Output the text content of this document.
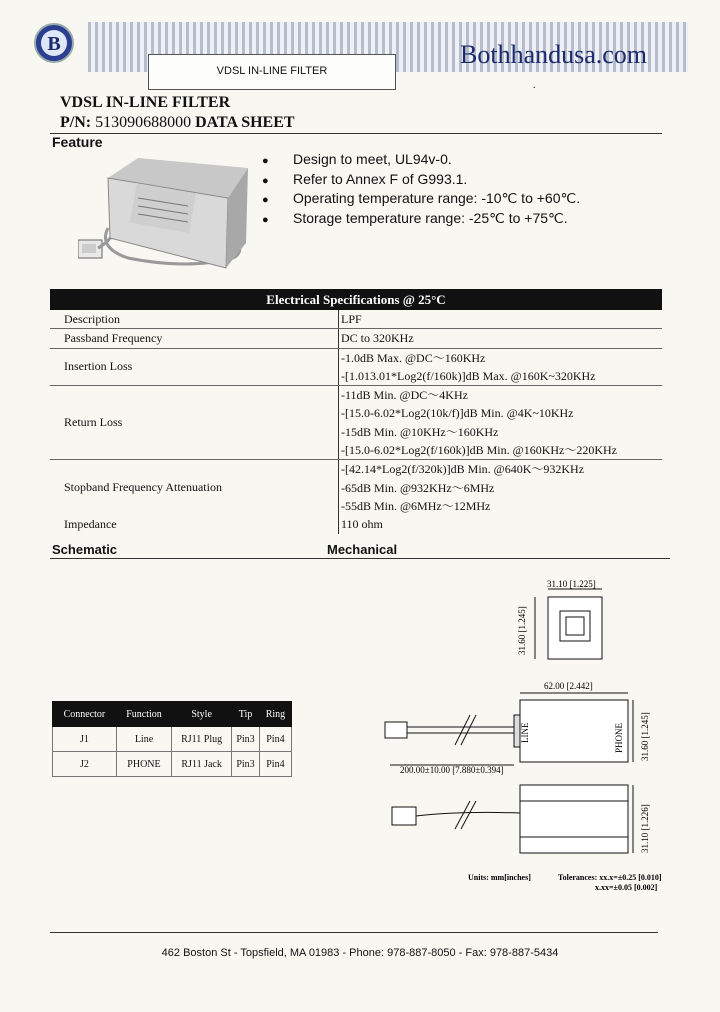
B	Bothhandusa.com
VDSL IN-LINE FILTER
.
VDSL IN-LINE FILTER
P/N: 513090688000 DATA SHEET
Feature
● Design to meet, UL94v-0.
● Refer to Annex F of G993.1.
● Operating temperature range: -10℃ to +60℃.
● Storage temperature range: -25℃ to +75℃.
Electrical Specifications @ 25°C	
Description	LPF

Passband Frequency	DC to 320KHz

Insertion Loss	-1.0dB Max. @DC～160KHz
-[1.013.01*Log2(f/160k)]dB Max. @160K~320KHz

Return Loss	-11dB Min. @DC～4KHz
-[15.0-6.02*Log2(10k/f)]dB Min. @4K~10KHz
-15dB Min. @10KHz～160KHz
-[15.0-6.02*Log2(f/160k)]dB Min. @160KHz～220KHz

Stopband Frequency Attenuation	-[42.14*Log2(f/320k)]dB Min. @640K～932KHz
-65dB Min. @932KHz～6MHz
-55dB Min. @6MHz～12MHz

Impedance	110 ohm
Schematic	Mechanical
Connector	Function	Style	Tip	Ring
J1	Line	RJ11 Plug	Pin3	Pin4
J2	PHONE	RJ11 Jack	Pin3	Pin4
31.10 [1.225]
31.60 [1.245]
62.00 [2.442]
31.60 [1.245]
LINE	PHONE
200.00±10.00 [7.880±0.394]
31.10 [1.226]
Units: mm[inches]	Tolerances: xx.x=±0.25 [0.010]
x.xx=±0.05 [0.002]
462 Boston St - Topsfield, MA 01983 - Phone: 978-887-8050 - Fax: 978-887-5434
